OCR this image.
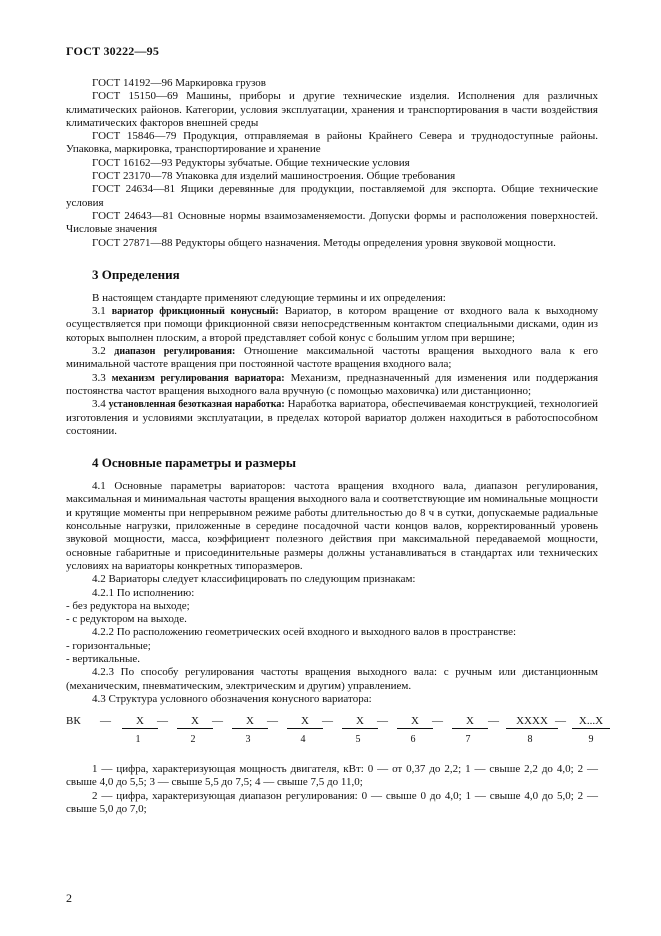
ГОСТ 30222—95

ГОСТ 14192—96 Маркировка грузов

ГОСТ 15150—69 Машины, приборы и другие технические изделия. Исполнения для различных климатических районов. Категории, условия эксплуатации, хранения и транспортирования в части воздействия климатических факторов внешней среды

ГОСТ 15846—79 Продукция, отправляемая в районы Крайнего Севера и труднодоступные районы. Упаковка, маркировка, транспортирование и хранение

ГОСТ 16162—93 Редукторы зубчатые. Общие технические условия

ГОСТ 23170—78 Упаковка для изделий машиностроения. Общие требования

ГОСТ 24634—81 Ящики деревянные для продукции, поставляемой для экспорта. Общие технические условия

ГОСТ 24643—81 Основные нормы взаимозаменяемости. Допуски формы и расположения поверхностей. Числовые значения

ГОСТ 27871—88 Редукторы общего назначения. Методы определения уровня звуковой мощности.

3 Определения

В настоящем стандарте применяют следующие термины и их определения:

3.1 вариатор фрикционный конусный: Вариатор, в котором вращение от входного вала к выходному осуществляется при помощи фрикционной связи непосредственным контактом специальными дисками, один из которых выполнен плоским, а второй представляет собой конус с большим углом при вершине;

3.2 диапазон регулирования: Отношение максимальной частоты вращения выходного вала к его минимальной частоте вращения при постоянной частоте вращения входного вала;

3.3 механизм регулирования вариатора: Механизм, предназначенный для изменения или поддержания постоянства частот вращения выходного вала вручную (с помощью маховичка) или дистанционно;

3.4 установленная безотказная наработка: Наработка вариатора, обеспечиваемая конструкцией, технологией изготовления и условиями эксплуатации, в пределах которой вариатор должен находиться в работоспособном состоянии.

4 Основные параметры и размеры

4.1 Основные параметры вариаторов: частота вращения входного вала, диапазон регулирования, максимальная и минимальная частоты вращения выходного вала и соответствующие им номинальные мощности и крутящие моменты при непрерывном режиме работы длительностью до 8 ч в сутки, допускаемые радиальные консольные нагрузки, приложенные в середине посадочной части концов валов, корректированный уровень звуковой мощности, масса, коэффициент полезного действия при максимальной передаваемой мощности, основные габаритные и присоединительные размеры должны устанавливаться в стандартах или технических условиях на вариаторы конкретных типоразмеров.

4.2 Вариаторы следует классифицировать по следующим признакам:

4.2.1 По исполнению:

- без редуктора на выходе;

- с редуктором на выходе.

4.2.2 По расположению геометрических осей входного и выходного валов в пространстве:

- горизонтальные;

- вертикальные.

4.2.3 По способу регулирования частоты вращения выходного вала: с ручным или дистанционным (механическим, пневматическим, электрическим и другим) управлением.

4.3 Структура условного обозначения конусного вариатора:

ВК —	X
1
—	X
2
—	X
3
—	X
4
—	X
5
—	X
6
—	X
7
—	XXXX
8
—	X...X
9

1 — цифра, характеризующая мощность двигателя, кВт: 0 — от 0,37 до 2,2; 1 — свыше 2,2 до 4,0; 2 — свыше 4,0 до 5,5; 3 — свыше 5,5 до 7,5; 4 — свыше 7,5 до 11,0;

2 — цифра, характеризующая диапазон регулирования: 0 — свыше 0 до 4,0; 1 — свыше 4,0 до 5,0; 2 — свыше 5,0 до 7,0;

2
